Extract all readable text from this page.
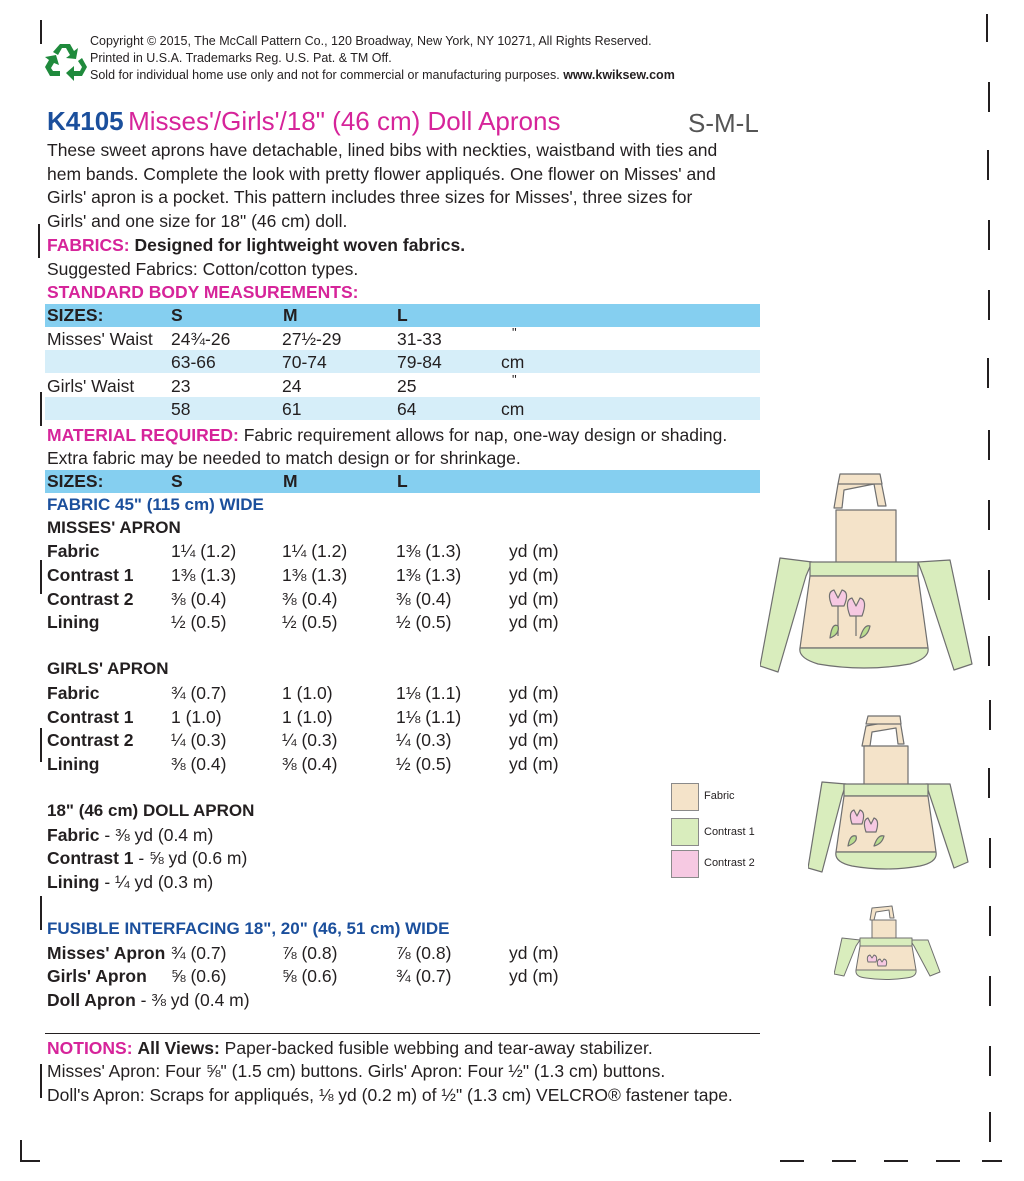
Copyright © 2015, The McCall Pattern Co., 120 Broadway, New York, NY 10271, All Rights Reserved.
Printed in U.S.A. Trademarks Reg. U.S. Pat. & TM Off.
Sold for individual home use only and not for commercial or manufacturing purposes. www.kwiksew.com
K4105 Misses'/Girls'/18" (46 cm) Doll Aprons	S-M-L
These sweet aprons have detachable, lined bibs with neckties, waistband with ties and
hem bands. Complete the look with pretty flower appliqués. One flower on Misses' and
Girls' apron is a pocket. This pattern includes three sizes for Misses', three sizes for
Girls' and one size for 18" (46 cm) doll.
FABRICS: Designed for lightweight woven fabrics.
Suggested Fabrics: Cotton/cotton types.
STANDARD BODY MEASUREMENTS:
SIZES:	S	M	L
Misses' Waist 24¾-26	27½-29	31-33	"
63-66	70-74	79-84	cm
Girls' Waist 23	24	25	"
58	61	64	cm
MATERIAL REQUIRED: Fabric requirement allows for nap, one-way design or shading.
Extra fabric may be needed to match design or for shrinkage.
SIZES:	S	M	L
FABRIC 45" (115 cm) WIDE
MISSES' APRON
Fabric	1¼ (1.2)	1¼ (1.2)	1⅜ (1.3)	yd (m)
Contrast 1 1⅜ (1.3)	1⅜ (1.3)	1⅜ (1.3)	yd (m)
Contrast 2 ⅜ (0.4)	⅜ (0.4)	⅜ (0.4)	yd (m)
Lining	½ (0.5)	½ (0.5)	½ (0.5)	yd (m)
GIRLS' APRON
Fabric	¾ (0.7)	1 (1.0)	1⅛ (1.1)	yd (m)
Contrast 1 1 (1.0)	1 (1.0)	1⅛ (1.1)	yd (m)
Contrast 2 ¼ (0.3)	¼ (0.3)	¼ (0.3)	yd (m)
Lining	⅜ (0.4)	⅜ (0.4)	½ (0.5)	yd (m)
18" (46 cm) DOLL APRON
Fabric - ⅜ yd (0.4 m)
Contrast 1 - ⅝ yd (0.6 m)
Lining - ¼ yd (0.3 m)
FUSIBLE INTERFACING 18", 20" (46, 51 cm) WIDE
Misses' Apron ¾ (0.7)	⅞ (0.8)	⅞ (0.8)	yd (m)
Girls' Apron ⅝ (0.6)	⅝ (0.6)	¾ (0.7)	yd (m)
Doll Apron - ⅜ yd (0.4 m)
NOTIONS: All Views: Paper-backed fusible webbing and tear-away stabilizer.
Misses' Apron: Four ⅝" (1.5 cm) buttons. Girls' Apron: Four ½" (1.3 cm) buttons.
Doll's Apron: Scraps for appliqués, ⅛ yd (0.2 m) of ½" (1.3 cm) VELCRO® fastener tape.
Fabric
Contrast 1
Contrast 2
